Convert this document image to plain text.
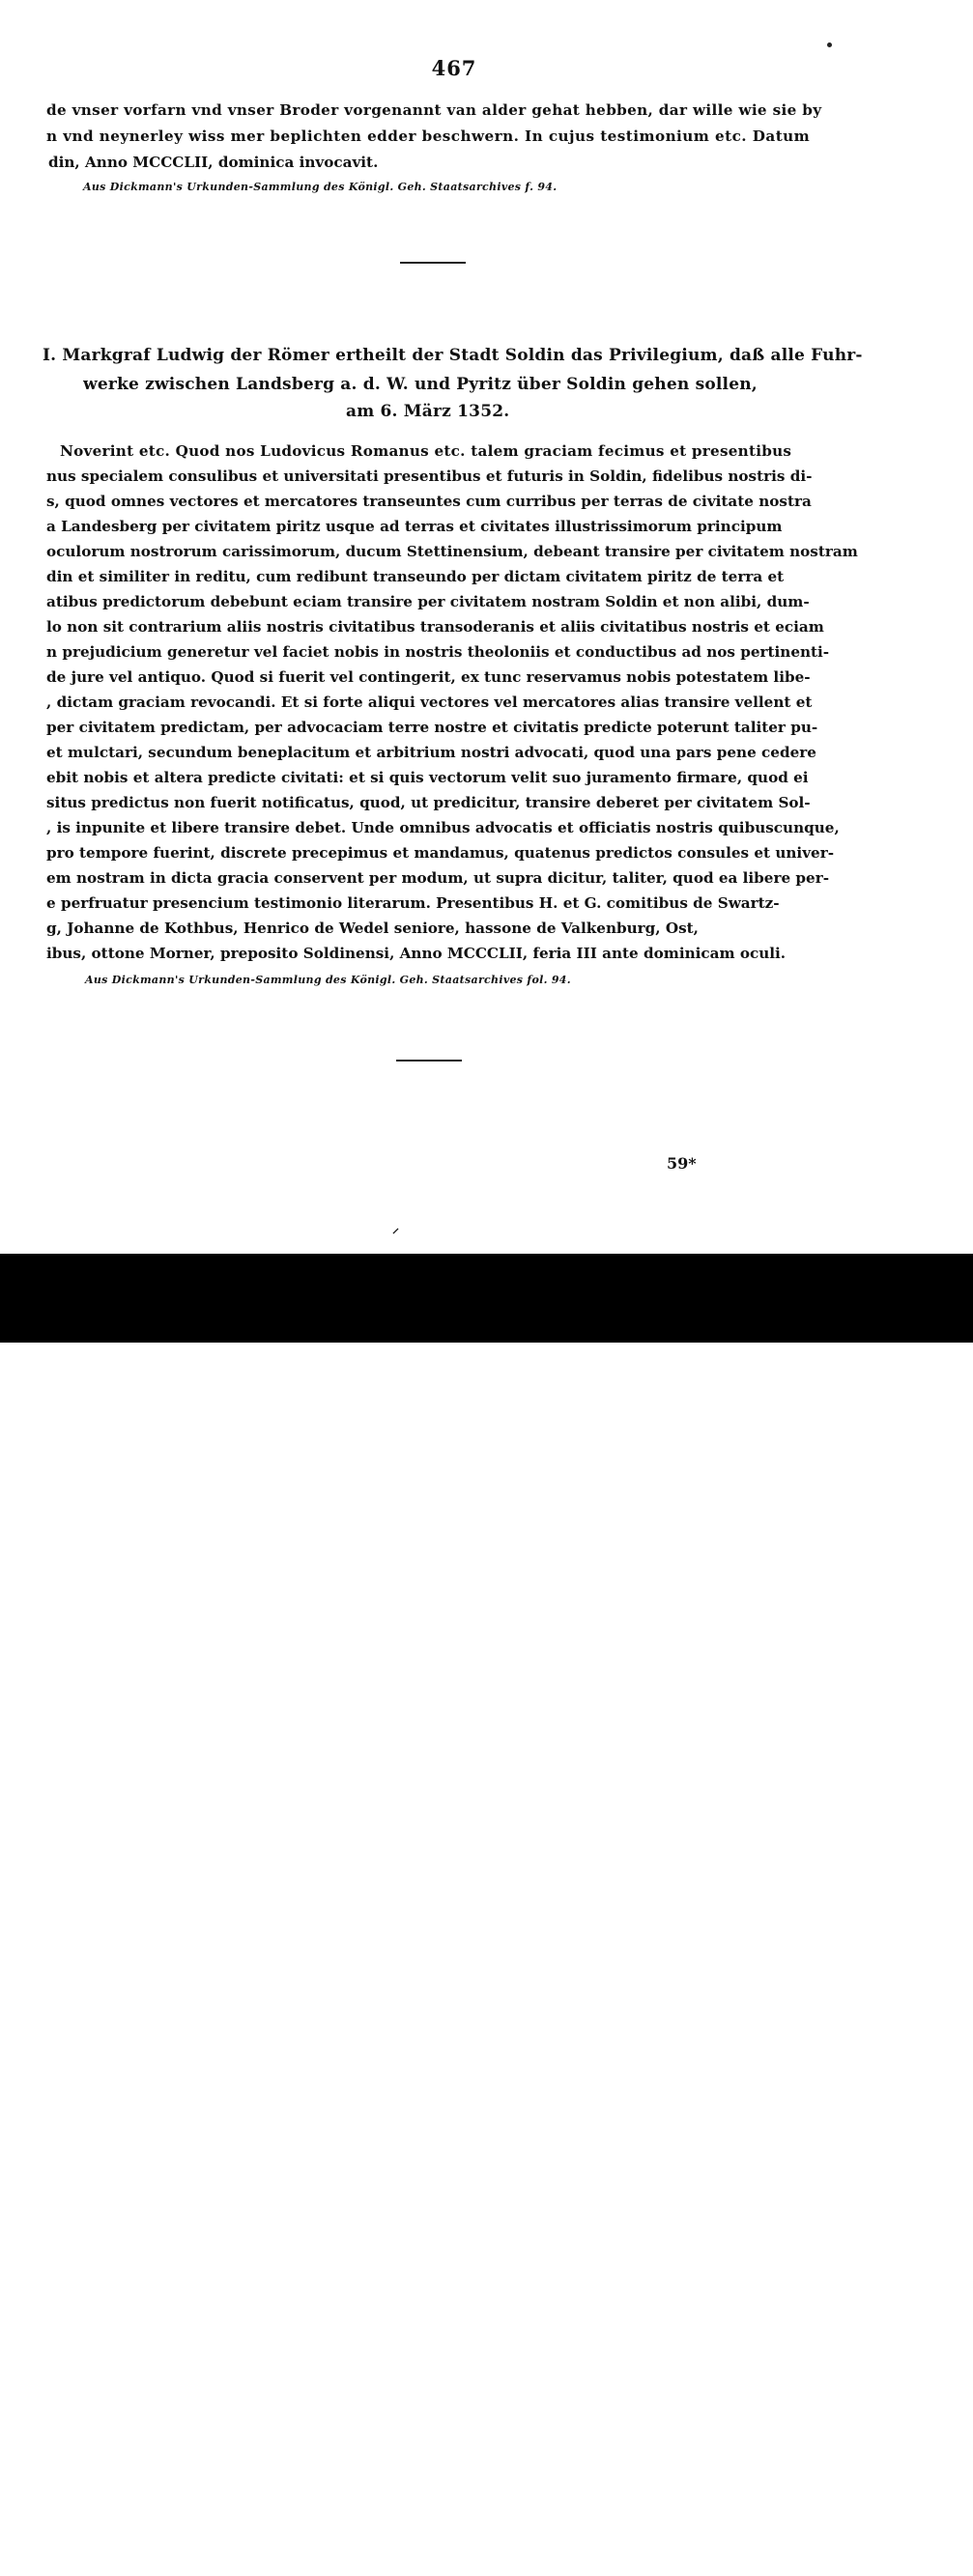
467
de vnser vorfarn vnd vnser Broder vorgenannt van alder gehat hebben, dar wille wie sie by
n vnd neynerley wiss mer beplichten edder beschwern. In cujus testimonium etc. Datum
din, Anno MCCCLII, dominica invocavit.
Aus Dickmann's Urkunden-Sammlung des Königl. Geh. Staatsarchives f. 94.
I. Markgraf Ludwig der Römer ertheilt der Stadt Soldin das Privilegium, daß alle Fuhr-
werke zwischen Landsberg a. d. W. und Pyritz über Soldin gehen sollen,
am 6. März 1352.
Noverint etc. Quod nos Ludovicus Romanus etc. talem graciam fecimus et presentibus
nus specialem consulibus et universitati presentibus et futuris in Soldin, fidelibus nostris di-
s, quod omnes vectores et mercatores transeuntes cum curribus per terras de civitate nostra
a Landesberg per civitatem piritz usque ad terras et civitates illustrissimorum principum
oculorum nostrorum carissimorum, ducum Stettinensium, debeant transire per civitatem nostram
din et similiter in reditu, cum redibunt transeundo per dictam civitatem piritz de terra et
atibus predictorum debebunt eciam transire per civitatem nostram Soldin et non alibi, dum-
lo non sit contrarium aliis nostris civitatibus transoderanis et aliis civitatibus nostris et eciam
n prejudicium generetur vel faciet nobis in nostris theoloniis et conductibus ad nos pertinenti-
de jure vel antiquo. Quod si fuerit vel contingerit, ex tunc reservamus nobis potestatem libe-
, dictam graciam revocandi. Et si forte aliqui vectores vel mercatores alias transire vellent et
per civitatem predictam, per advocaciam terre nostre et civitatis predicte poterunt taliter pu-
et mulctari, secundum beneplacitum et arbitrium nostri advocati, quod una pars pene cedere
ebit nobis et altera predicte civitati: et si quis vectorum velit suo juramento firmare, quod ei
situs predictus non fuerit notificatus, quod, ut predicitur, transire deberet per civitatem Sol-
, is inpunite et libere transire debet. Unde omnibus advocatis et officiatis nostris quibuscunque,
pro tempore fuerint, discrete precepimus et mandamus, quatenus predictos consules et univer-
em nostram in dicta gracia conservent per modum, ut supra dicitur, taliter, quod ea libere per-
e perfruatur presencium testimonio literarum. Presentibus H. et G. comitibus de Swartz-
g, Johanne de Kothbus, Henrico de Wedel seniore, hassone de Valkenburg, Ost,
ibus, ottone Morner, preposito Soldinensi, Anno MCCCLII, feria III ante dominicam oculi.
Aus Dickmann's Urkunden-Sammlung des Königl. Geh. Staatsarchives fol. 94.
59*
⸝
alamy	J38KMK
www.alamy.com
